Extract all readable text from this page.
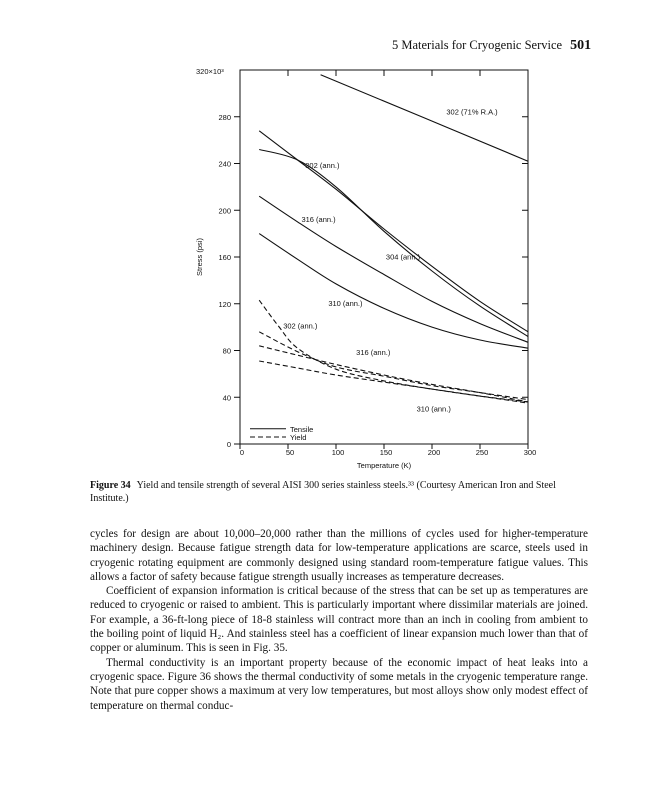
5 Materials for Cryogenic Service 501
0
40
80
120
160
200
240
280
0	50	100	150	200	250	300
302 (71% R.A.)
302 (ann.)
316 (ann.)
304 (ann.)
310 (ann.)
302 (ann.)
316 (ann.)
310 (ann.)
320×10³
Stress (psi)
Temperature (K)
Tensile
Yield
Figure 34 Yield and tensile strength of several AISI 300 series stainless steels.³³ (Courtesy American Iron and Steel Institute.)

cycles for design are about 10,000–20,000 rather than the millions of cycles used for higher-temperature machinery design. Because fatigue strength data for low-temperature applications are scarce, steels used in cryogenic rotating equipment are commonly designed using standard room-temperature fatigue values. This allows a factor of safety because fatigue strength usually increases as temperature decreases.

Coefficient of expansion information is critical because of the stress that can be set up as temperatures are reduced to cryogenic or raised to ambient. This is particularly important where dissimilar materials are joined. For example, a 36-ft-long piece of 18-8 stainless will contract more than an inch in cooling from ambient to the boiling point of liquid H₂. And stainless steel has a coefficient of linear expansion much lower than that of copper or aluminum. This is seen in Fig. 35.

Thermal conductivity is an important property because of the economic impact of heat leaks into a cryogenic space. Figure 36 shows the thermal conductivity of some metals in the cryogenic temperature range. Note that pure copper shows a maximum at very low temperatures, but most alloys show only modest effect of temperature on thermal conduc-
